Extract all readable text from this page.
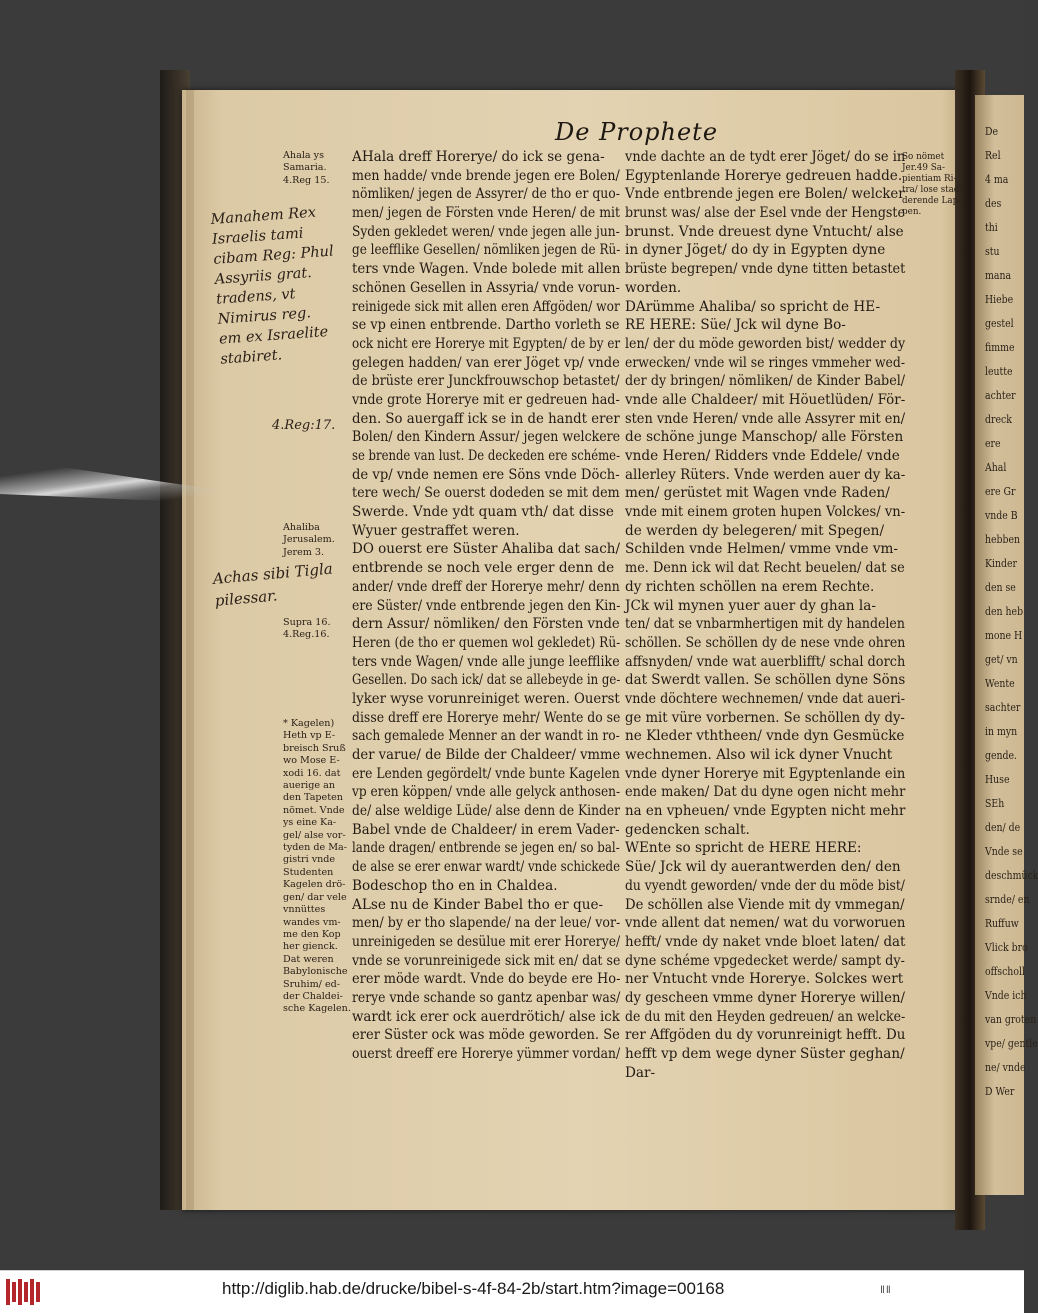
De
Rel
4 ma
des
thi
stu
mana
Hiebe
gestel
fimme
leutte
achter
dreck
ere
Ahal
ere Gr
vnde B
hebben
Kinder
den se
den heb
mone H
get/ vn
Wente
sachter
in myn
gende.
Huse
SEh
den/ de
Vnde se
deschmück
srnde/ en
Ruffuw
Vlick bro
offscholl
Vnde ich
van groten
vpe/ gentle
ne/ vnde
D Wer
De Prophete
Ahala ys
Samaria.
4.Reg 15.
Ahaliba
Jerusalem.
Jerem 3.
Supra 16.
4.Reg.16.
* Kagelen)
Heth vp E-
breisch Sruß
wo Mose E-
xodi 16. dat
auerige an
den Tapeten
nömet. Vnde
ys eine Ka-
gel/ alse vor-
tyden de Ma-
gistri vnde
Studenten
Kagelen drö-
gen/ dar vele
vnnüttes
wandes vm-
me den Kop
her gienck.
Dat weren
Babylonische
Sruhim/ ed-
der Chaldei-
sche Kagelen.
So nömet
Jer.49 Sa-
pientiam Ri-
tra/ lose stad-
derende Lap-
pen.
AHala dreff Horerye/ do ick se gena-
men hadde/ vnde brende jegen ere Bolen/
nömliken/ jegen de Assyrer/ de tho er quo-
men/ jegen de Försten vnde Heren/ de mit
Syden gekledet weren/ vnde jegen alle jun-
ge leefflike Gesellen/ nömliken jegen de Rü-
ters vnde Wagen. Vnde bolede mit allen
schönen Gesellen in Assyria/ vnde vorun-
reinigede sick mit allen eren Affgöden/ wor
se vp einen entbrende. Dartho vorleth se
ock nicht ere Horerye mit Egypten/ de by er
gelegen hadden/ van erer Jöget vp/ vnde
de brüste erer Junckfrouwschop betastet/
vnde grote Horerye mit er gedreuen had-
den. So auergaff ick se in de handt erer
Bolen/ den Kindern Assur/ jegen welckere
se brende van lust. De deckeden ere schéme-
de vp/ vnde nemen ere Söns vnde Döch-
tere wech/ Se ouerst dodeden se mit dem
Swerde. Vnde ydt quam vth/ dat disse
Wyuer gestraffet weren.
DO ouerst ere Süster Ahaliba dat sach/
entbrende se noch vele erger denn de
ander/ vnde dreff der Horerye mehr/ denn
ere Süster/ vnde entbrende jegen den Kin-
dern Assur/ nömliken/ den Försten vnde
Heren (de tho er quemen wol gekledet) Rü-
ters vnde Wagen/ vnde alle junge leefflike
Gesellen. Do sach ick/ dat se allebeyde in ge-
lyker wyse vorunreiniget weren. Ouerst
disse dreff ere Horerye mehr/ Wente do se
sach gemalede Menner an der wandt in ro-
der varue/ de Bilde der Chaldeer/ vmme
ere Lenden gegördelt/ vnde bunte Kagelen
vp eren köppen/ vnde alle gelyck anthosen-
de/ alse weldige Lüde/ alse denn de Kinder
Babel vnde de Chaldeer/ in erem Vader-
lande dragen/ entbrende se jegen en/ so bal-
de alse se erer enwar wardt/ vnde schickede
Bodeschop tho en in Chaldea.
ALse nu de Kinder Babel tho er que-
men/ by er tho slapende/ na der leue/ vor-
unreinigeden se desülue mit erer Horerye/
vnde se vorunreinigede sick mit en/ dat se
erer möde wardt. Vnde do beyde ere Ho-
rerye vnde schande so gantz apenbar was/
wardt ick erer ock auerdrötich/ alse ick
erer Süster ock was möde geworden. Se
ouerst dreeff ere Horerye yümmer vordan/
vnde dachte an de tydt erer Jöget/ do se in
Egyptenlande Horerye gedreuen hadde.
Vnde entbrende jegen ere Bolen/ welcker
brunst was/ alse der Esel vnde der Hengste
brunst. Vnde dreuest dyne Vntucht/ alse
in dyner Jöget/ do dy in Egypten dyne
brüste begrepen/ vnde dyne titten betastet
worden.
DArümme Ahaliba/ so spricht de HE-
RE HERE: Süe/ Jck wil dyne Bo-
len/ der du möde geworden bist/ wedder dy
erwecken/ vnde wil se ringes vmmeher wed-
der dy bringen/ nömliken/ de Kinder Babel/
vnde alle Chaldeer/ mit Höuetlüden/ För-
sten vnde Heren/ vnde alle Assyrer mit en/
de schöne junge Manschop/ alle Försten
vnde Heren/ Ridders vnde Eddele/ vnde
allerley Rüters. Vnde werden auer dy ka-
men/ gerüstet mit Wagen vnde Raden/
vnde mit einem groten hupen Volckes/ vn-
de werden dy belegeren/ mit Spegen/
Schilden vnde Helmen/ vmme vnde vm-
me. Denn ick wil dat Recht beuelen/ dat se
dy richten schöllen na erem Rechte.
JCk wil mynen yuer auer dy ghan la-
ten/ dat se vnbarmhertigen mit dy handelen
schöllen. Se schöllen dy de nese vnde ohren
affsnyden/ vnde wat auerblifft/ schal dorch
dat Swerdt vallen. Se schöllen dyne Söns
vnde döchtere wechnemen/ vnde dat aueri-
ge mit vüre vorbernen. Se schöllen dy dy-
ne Kleder vththeen/ vnde dyn Gesmücke
wechnemen. Also wil ick dyner Vnucht
vnde dyner Horerye mit Egyptenlande ein
ende maken/ Dat du dyne ogen nicht mehr
na en vpheuen/ vnde Egypten nicht mehr
gedencken schalt.
WEnte so spricht de HERE HERE:
Süe/ Jck wil dy auerantwerden den/ den
du vyendt geworden/ vnde der du möde bist/
De schöllen alse Viende mit dy vmmegan/
vnde allent dat nemen/ wat du vorworuen
hefft/ vnde dy naket vnde bloet laten/ dat
dyne schéme vpgedecket werde/ sampt dy-
ner Vntucht vnde Horerye. Solckes wert
dy gescheen vmme dyner Horerye willen/
de du mit den Heyden gedreuen/ an welcke-
rer Affgöden du dy vorunreinigt hefft. Du
hefft vp dem wege dyner Süster geghan/
Dar-
Manahem Rex
Israelis tami
cibam Reg: Phul
Assyriis grat.
tradens, vt
Nimirus reg.
em ex Israelite
stabiret.
4.Reg:17.
Achas sibi Tigla
pilessar.
http://diglib.hab.de/drucke/bibel-s-4f-84-2b/start.htm?image=00168	ⅡⅡ
